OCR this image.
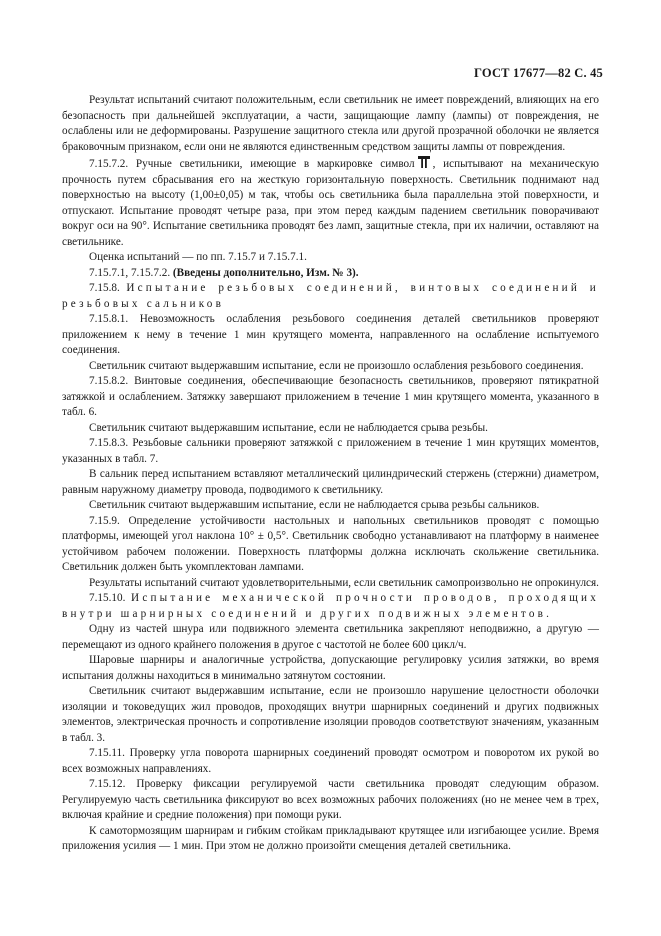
ГОСТ 17677—82 С. 45

Результат испытаний считают положительным, если светильник не имеет повреждений, влияющих на его безопасность при дальнейшей эксплуатации, а части, защищающие лампу (лампы) от повреждения, не ослаблены или не деформированы. Разрушение защитного стекла или другой прозрачной оболочки не является браковочным признаком, если они не являются единственным средством защиты лампы от повреждения.

7.15.7.2. Ручные светильники, имеющие в маркировке символ , испытывают на механическую прочность путем сбрасывания его на жесткую горизонтальную поверхность. Светильник поднимают над поверхностью на высоту (1,00±0,05) м так, чтобы ось светильника была параллельна этой поверхности, и отпускают. Испытание проводят четыре раза, при этом перед каждым падением светильник поворачивают вокруг оси на 90°. Испытание светильника проводят без ламп, защитные стекла, при их наличии, оставляют на светильнике.

Оценка испытаний — по пп. 7.15.7 и 7.15.7.1.

7.15.7.1, 7.15.7.2. (Введены дополнительно, Изм. № 3).

7.15.8. Испытание резьбовых соединений, винтовых соединений и резьбовых сальников

7.15.8.1. Невозможность ослабления резьбового соединения деталей светильников проверяют приложением к нему в течение 1 мин крутящего момента, направленного на ослабление испытуемого соединения.

Светильник считают выдержавшим испытание, если не произошло ослабления резьбового соединения.

7.15.8.2. Винтовые соединения, обеспечивающие безопасность светильников, проверяют пятикратной затяжкой и ослаблением. Затяжку завершают приложением в течение 1 мин крутящего момента, указанного в табл. 6.

Светильник считают выдержавшим испытание, если не наблюдается срыва резьбы.

7.15.8.3. Резьбовые сальники проверяют затяжкой с приложением в течение 1 мин крутящих моментов, указанных в табл. 7.

В сальник перед испытанием вставляют металлический цилиндрический стержень (стержни) диаметром, равным наружному диаметру провода, подводимого к светильнику.

Светильник считают выдержавшим испытание, если не наблюдается срыва резьбы сальников.

7.15.9. Определение устойчивости настольных и напольных светильников проводят с помощью платформы, имеющей угол наклона 10° ± 0,5°. Светильник свободно устанавливают на платформу в наименее устойчивом рабочем положении. Поверхность платформы должна исключать скольжение светильника. Светильник должен быть укомплектован лампами.

Результаты испытаний считают удовлетворительными, если светильник самопроизвольно не опрокинулся.

7.15.10. Испытание механической прочности проводов, проходящих внутри шарнирных соединений и других подвижных элементов.

Одну из частей шнура или подвижного элемента светильника закрепляют неподвижно, а другую — перемещают из одного крайнего положения в другое с частотой не более 600 цикл/ч.

Шаровые шарниры и аналогичные устройства, допускающие регулировку усилия затяжки, во время испытания должны находиться в минимально затянутом состоянии.

Светильник считают выдержавшим испытание, если не произошло нарушение целостности оболочки изоляции и токоведущих жил проводов, проходящих внутри шарнирных соединений и других подвижных элементов, электрическая прочность и сопротивление изоляции проводов соответствуют значениям, указанным в табл. 3.

7.15.11. Проверку угла поворота шарнирных соединений проводят осмотром и поворотом их рукой во всех возможных направлениях.

7.15.12. Проверку фиксации регулируемой части светильника проводят следующим образом. Регулируемую часть светильника фиксируют во всех возможных рабочих положениях (но не менее чем в трех, включая крайние и средние положения) при помощи руки.

К самотормозящим шарнирам и гибким стойкам прикладывают крутящее или изгибающее усилие. Время приложения усилия — 1 мин. При этом не должно произойти смещения деталей светильника.
